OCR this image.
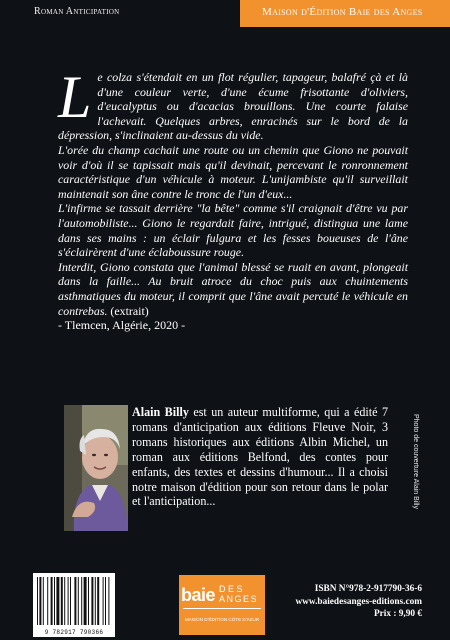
Roman Anticipation	Maison d'Édition Baie des Anges
L e colza s'étendait en un flot régulier, tapageur, balafré çà et là d'une couleur verte, d'une écume frisottante d'oliviers, d'eucalyptus ou d'acacias brouillons. Une courte falaise l'achevait. Quelques arbres, enracinés sur le bord de la dépression, s'inclinaient au-dessus du vide.

L'orée du champ cachait une route ou un chemin que Giono ne pouvait voir d'où il se tapissait mais qu'il devinait, percevant le ronronnement caractéristique d'un véhicule à moteur. L'unijambiste qu'il surveillait maintenait son âne contre le tronc de l'un d'eux...

L'infirme se tassait derrière "la bête" comme s'il craignait d'être vu par l'automobiliste... Giono le regardait faire, intrigué, distingua une lame dans ses mains : un éclair fulgura et les fesses boueuses de l'âne s'éclairèrent d'une éclaboussure rouge.

Interdit, Giono constata que l'animal blessé se ruait en avant, plongeait dans la faille... Au bruit atroce du choc puis aux chuintements asthmatiques du moteur, il comprit que l'âne avait percuté le véhicule en contrebas. (extrait)

- Tlemcen, Algérie, 2020 -

Alain Billy est un auteur multiforme, qui a édité 7 romans d'anticipation aux éditions Fleuve Noir, 3 romans historiques aux éditions Albin Michel, un roman aux éditions Belfond, des contes pour enfants, des textes et dessins d'humour... Il a choisi notre maison d'édition pour son retour dans le polar et l'anticipation...	Photo de couverture Alain Billy
9 782917 790366
baie DES
ANGES
MAISON D'ÉDITION CÔTE D'AZUR
ISBN N°978-2-917790-36-6
www.baiedesanges-editions.com
Prix : 9,90 €
